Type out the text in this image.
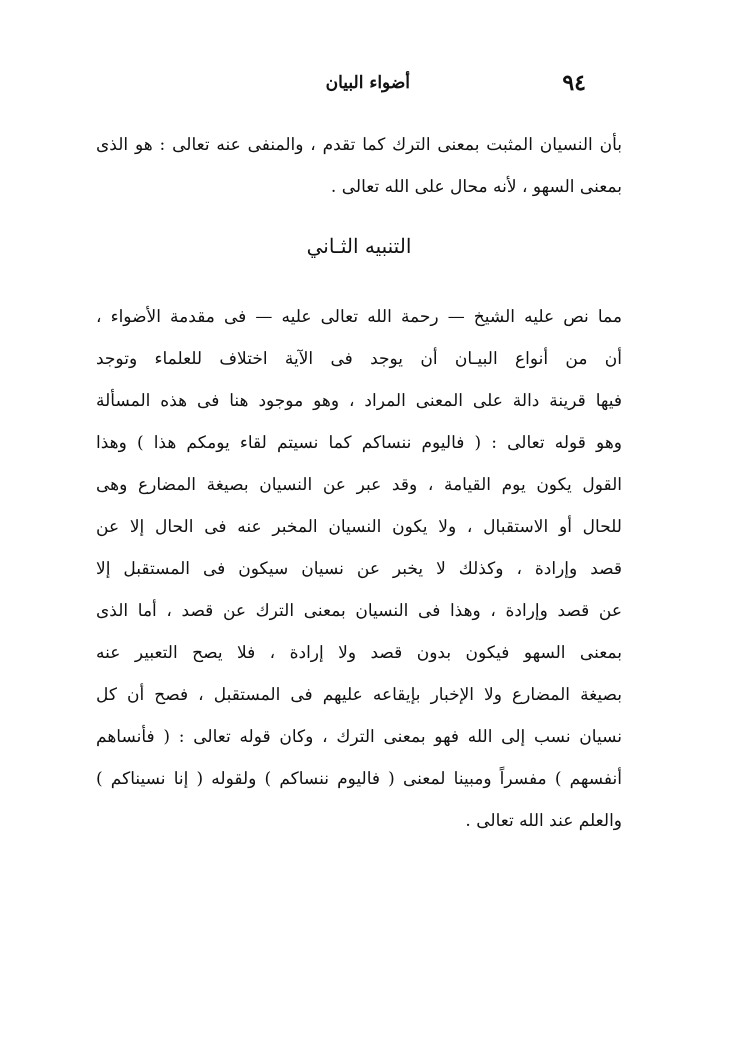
٩٤
أضواء البيان

بأن النسيان المثبت بمعنى الترك كما تقدم ، والمنفى عنه تعالى : هو الذى
بمعنى السهو ، لأنه محال على الله تعالى .

التنبيه الثـاني

مما نص عليه الشيخ — رحمة الله تعالى عليه — فى مقدمة الأضواء ،
أن من أنواع البيـان أن يوجد فى الآية اختلاف للعلماء وتوجد
فيها قرينة دالة على المعنى المراد ، وهو موجود هنا فى هذه المسألة
وهو قوله تعالى : ( فاليوم ننساكم كما نسيتم لقاء يومكم هذا ) وهذا
القول يكون يوم القيامة ، وقد عبر عن النسيان بصيغة المضارع وهى
للحال أو الاستقبال ، ولا يكون النسيان المخبر عنه فى الحال إلا عن
قصد وإرادة ، وكذلك لا يخبر عن نسيان سيكون فى المستقبل إلا
عن قصد وإرادة ، وهذا فى النسيان بمعنى الترك عن قصد ، أما الذى
بمعنى السهو فيكون بدون قصد ولا إرادة ، فلا يصح التعبير عنه
بصيغة المضارع ولا الإخبار بإيقاعه عليهم فى المستقبل ، فصح أن كل
نسيان نسب إلى الله فهو بمعنى الترك ، وكان قوله تعالى : ( فأنساهم
أنفسهم ) مفسراً ومبينا لمعنى ( فاليوم ننساكم ) ولقوله ( إنا نسيناكم )
والعلم عند الله تعالى .
